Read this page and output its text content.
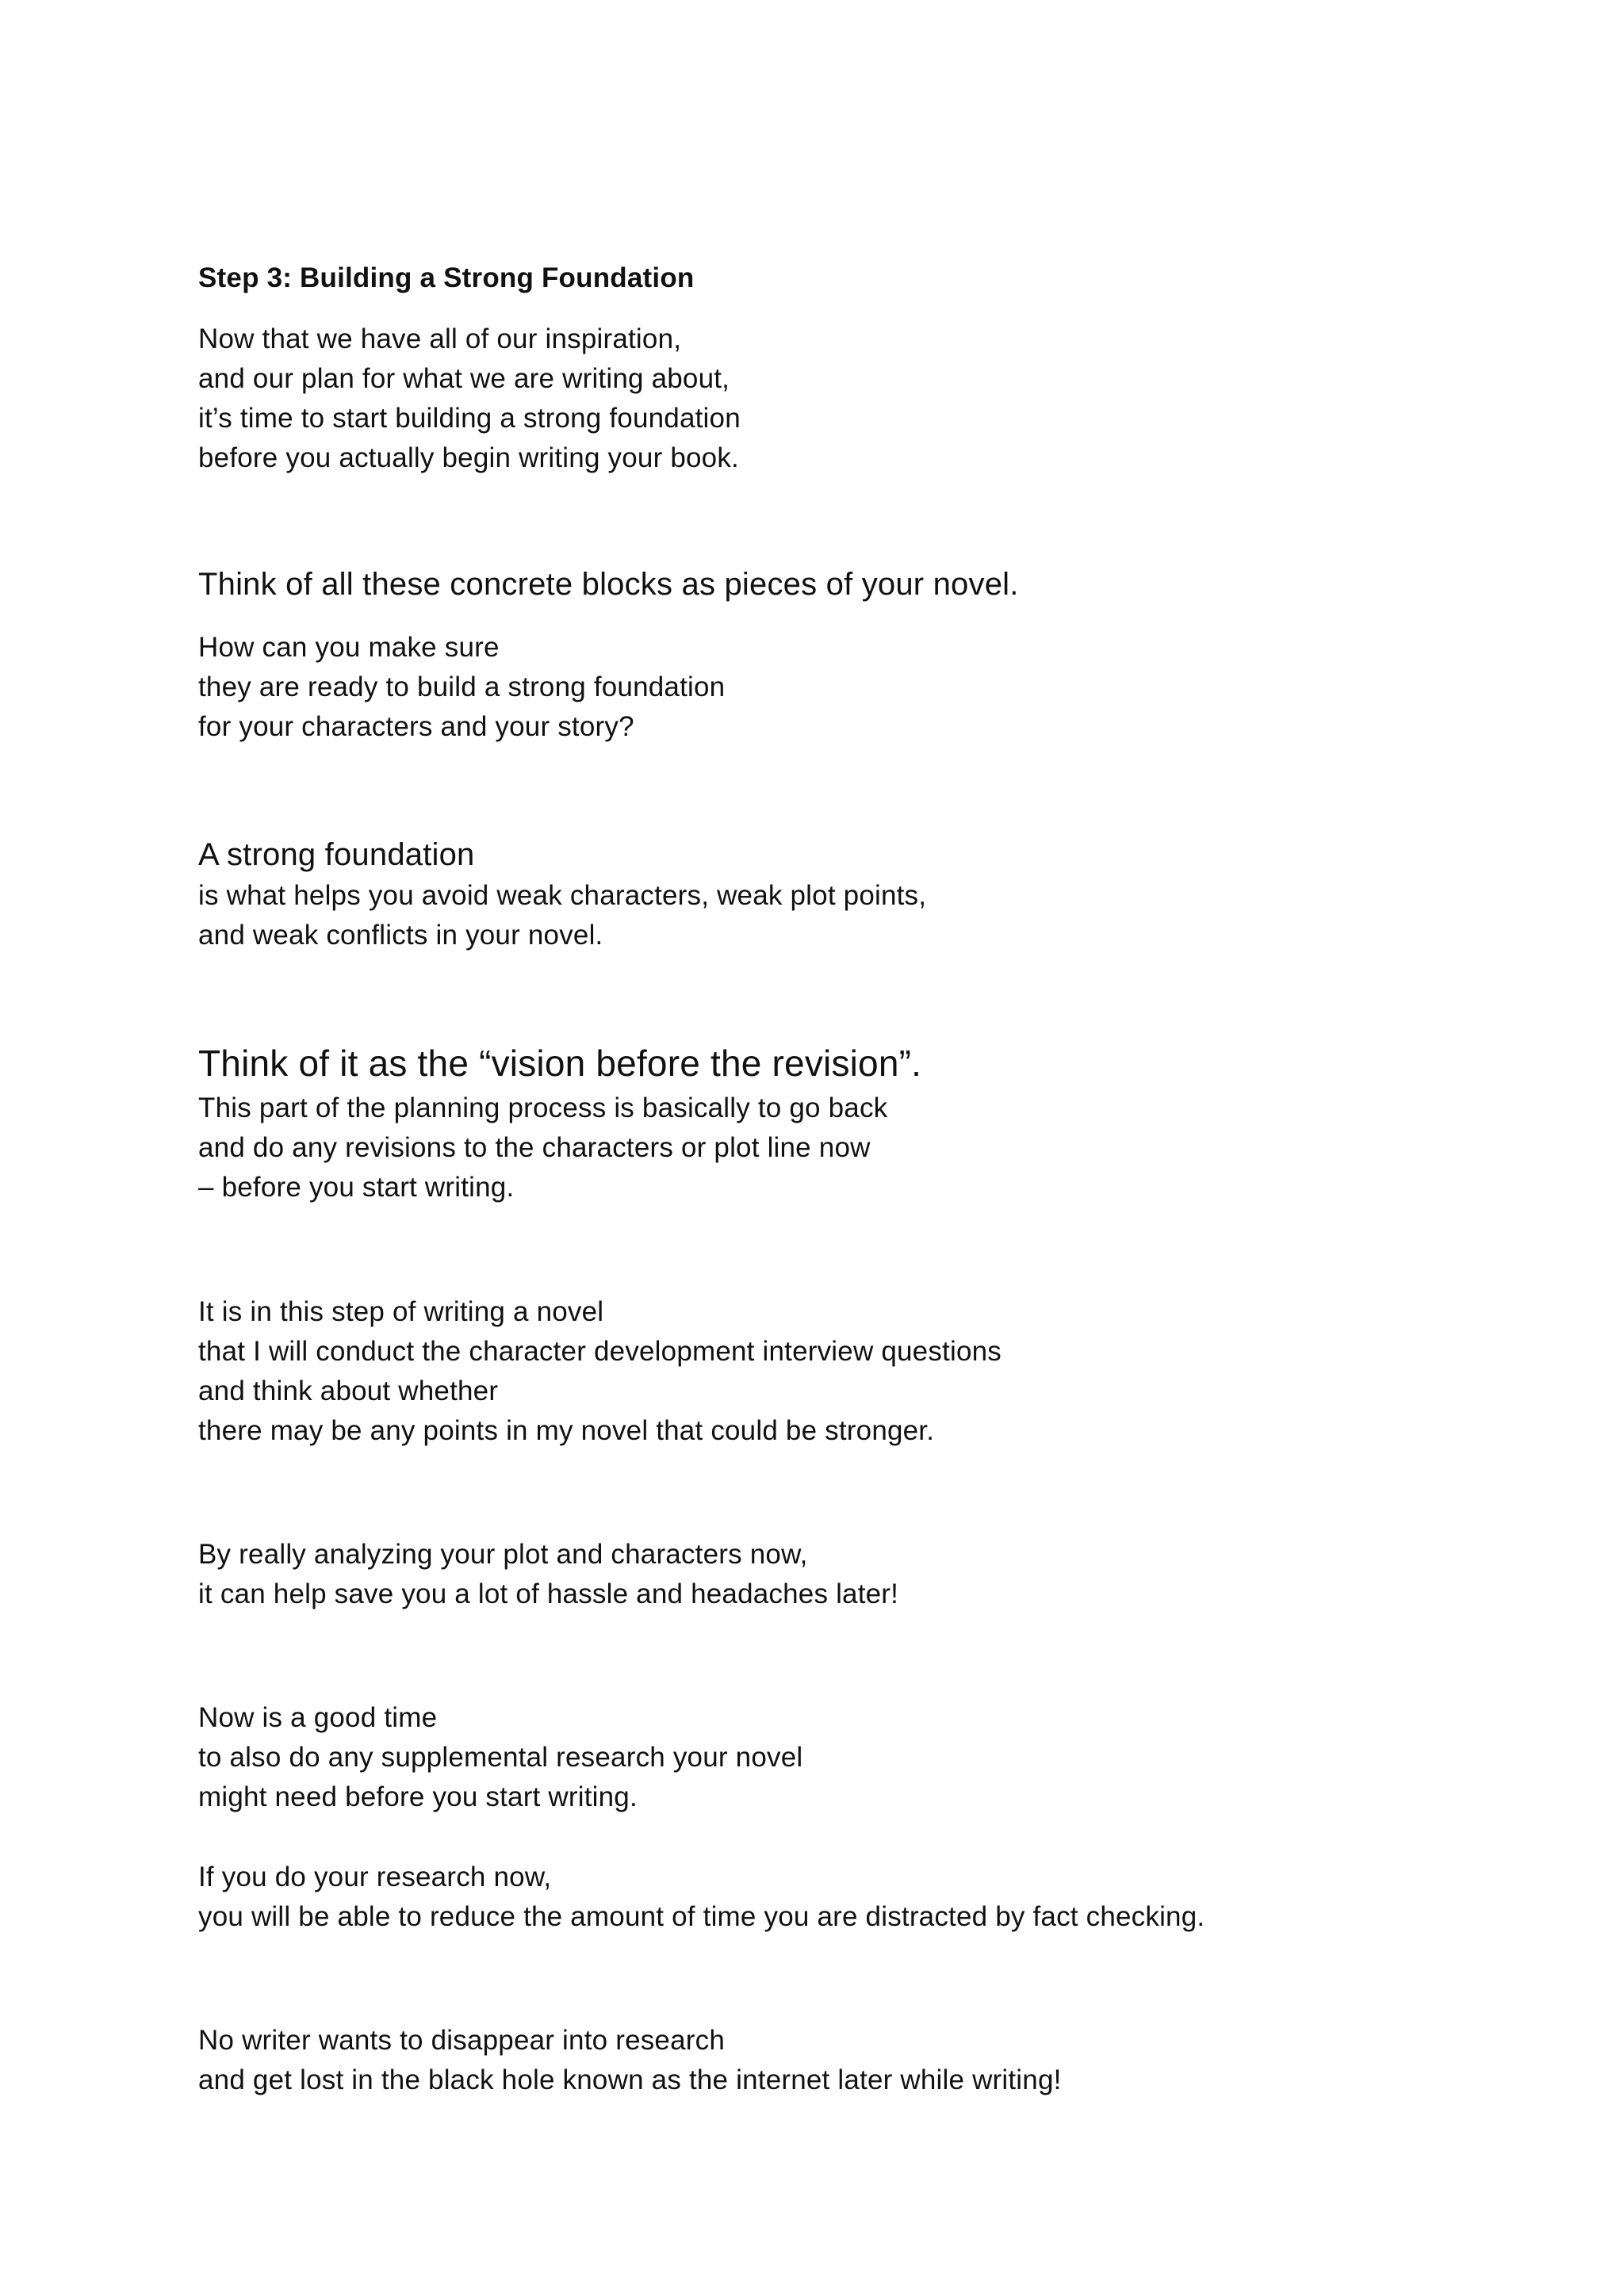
Step 3: Building a Strong Foundation
Now that we have all of our inspiration,
and our plan for what we are writing about,
it’s time to start building a strong foundation
before you actually begin writing your book.
Think of all these concrete blocks as pieces of your novel.
How can you make sure
they are ready to build a strong foundation
for your characters and your story?
A strong foundation
is what helps you avoid weak characters, weak plot points,
and weak conflicts in your novel.
Think of it as the “vision before the revision”.
This part of the planning process is basically to go back
and do any revisions to the characters or plot line now
– before you start writing.
It is in this step of writing a novel
that I will conduct the character development interview questions
and think about whether
there may be any points in my novel that could be stronger.
By really analyzing your plot and characters now,
it can help save you a lot of hassle and headaches later!
Now is a good time
to also do any supplemental research your novel
might need before you start writing.
If you do your research now,
you will be able to reduce the amount of time you are distracted by fact checking.
No writer wants to disappear into research
and get lost in the black hole known as the internet later while writing!
